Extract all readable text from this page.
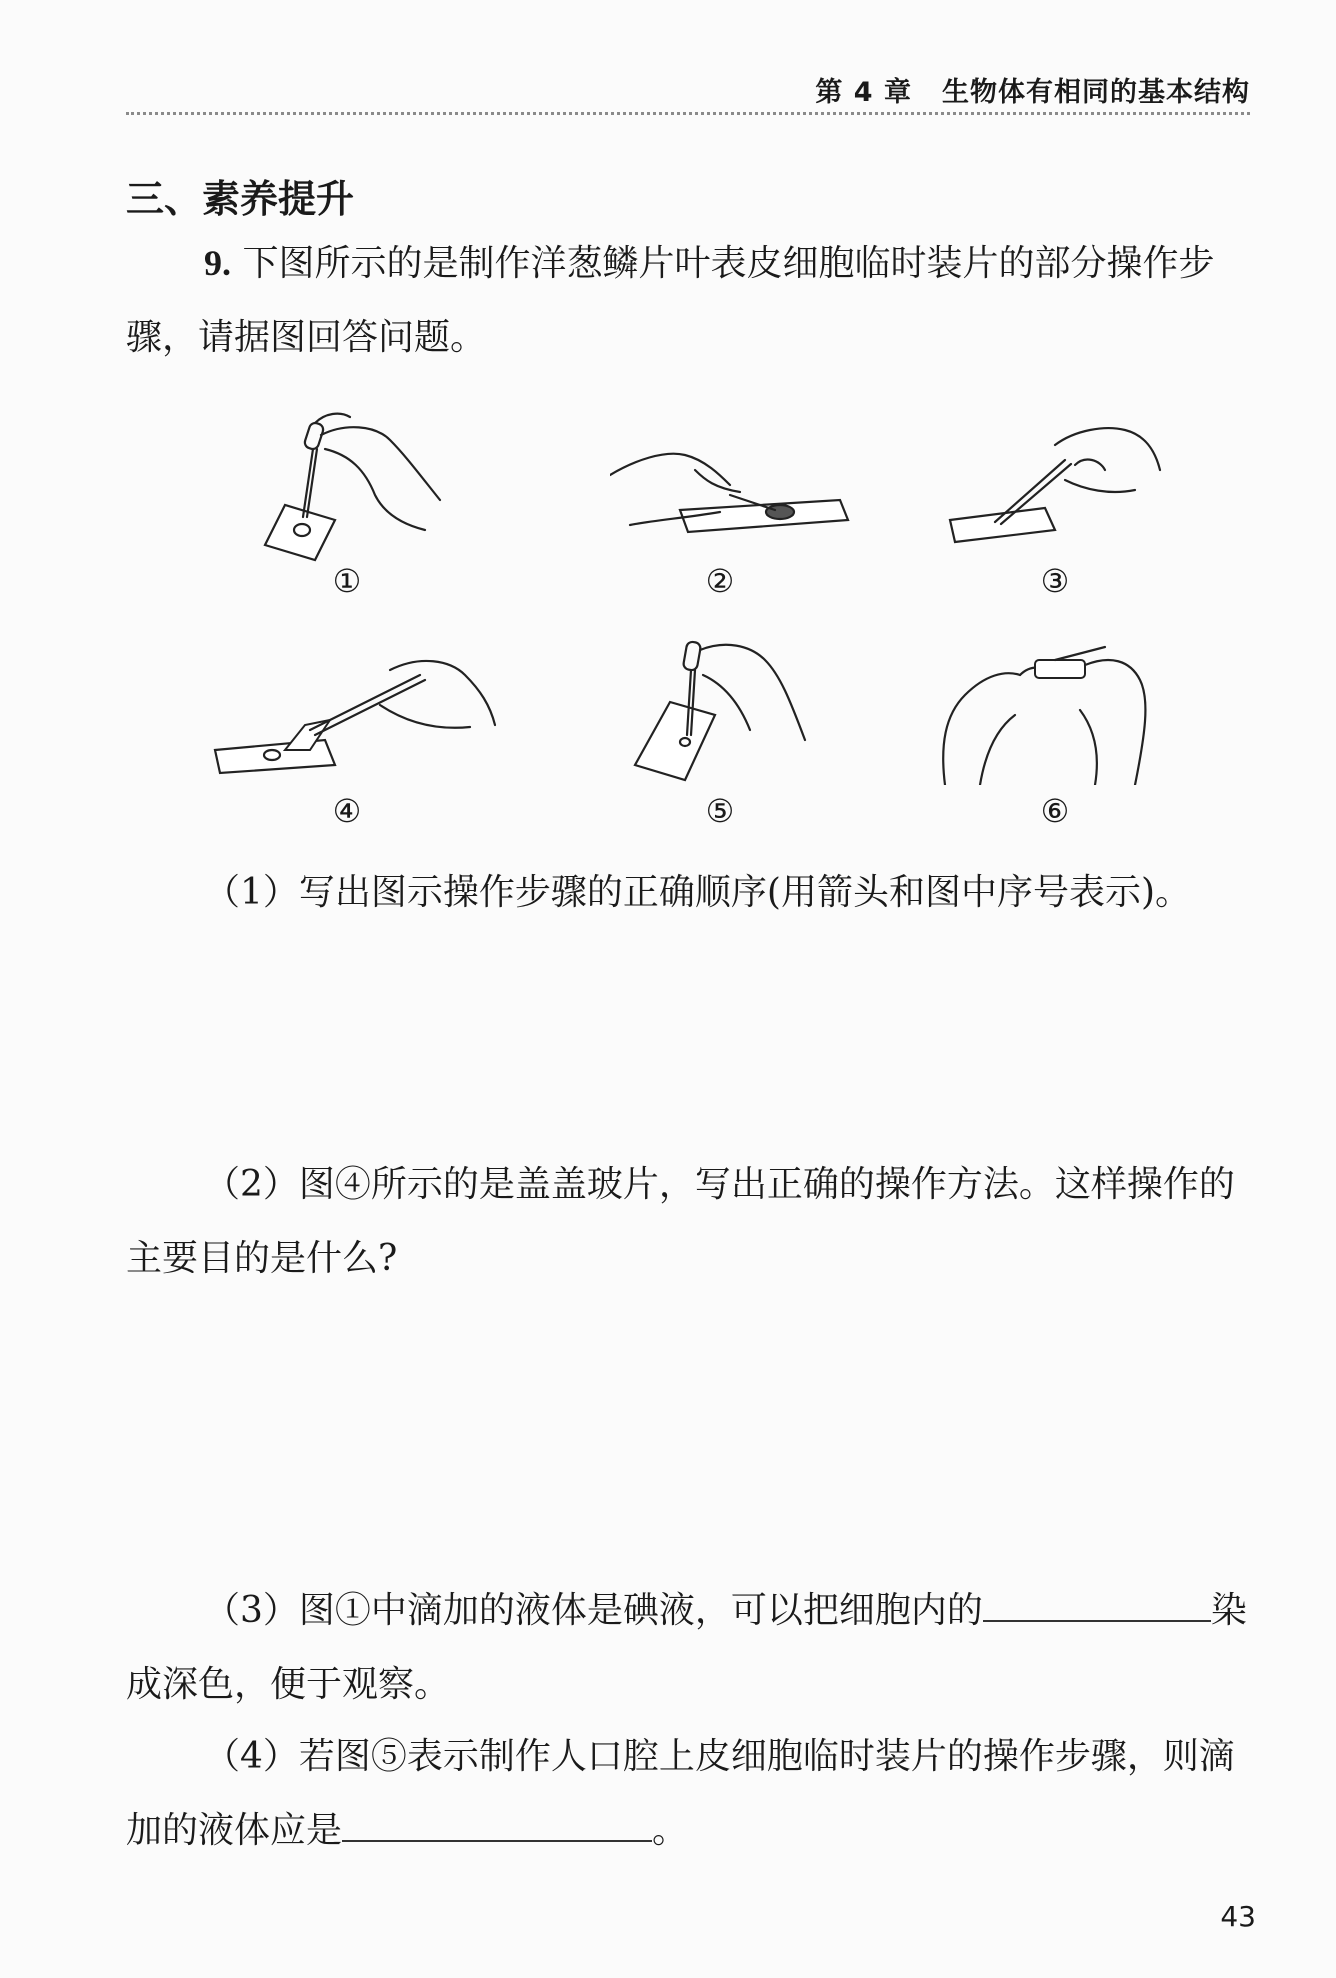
第 4 章 生物体有相同的基本结构
三、素养提升
9. 下图所示的是制作洋葱鳞片叶表皮细胞临时装片的部分操作步骤，请据图回答问题。
①	②	③
④	⑤	⑥
（1）写出图示操作步骤的正确顺序(用箭头和图中序号表示)。
（2）图④所示的是盖盖玻片，写出正确的操作方法。这样操作的主要目的是什么?
（3）图①中滴加的液体是碘液，可以把细胞内的	染成深色，便于观察。
（4）若图⑤表示制作人口腔上皮细胞临时装片的操作步骤，则滴加的液体应是	。
43
